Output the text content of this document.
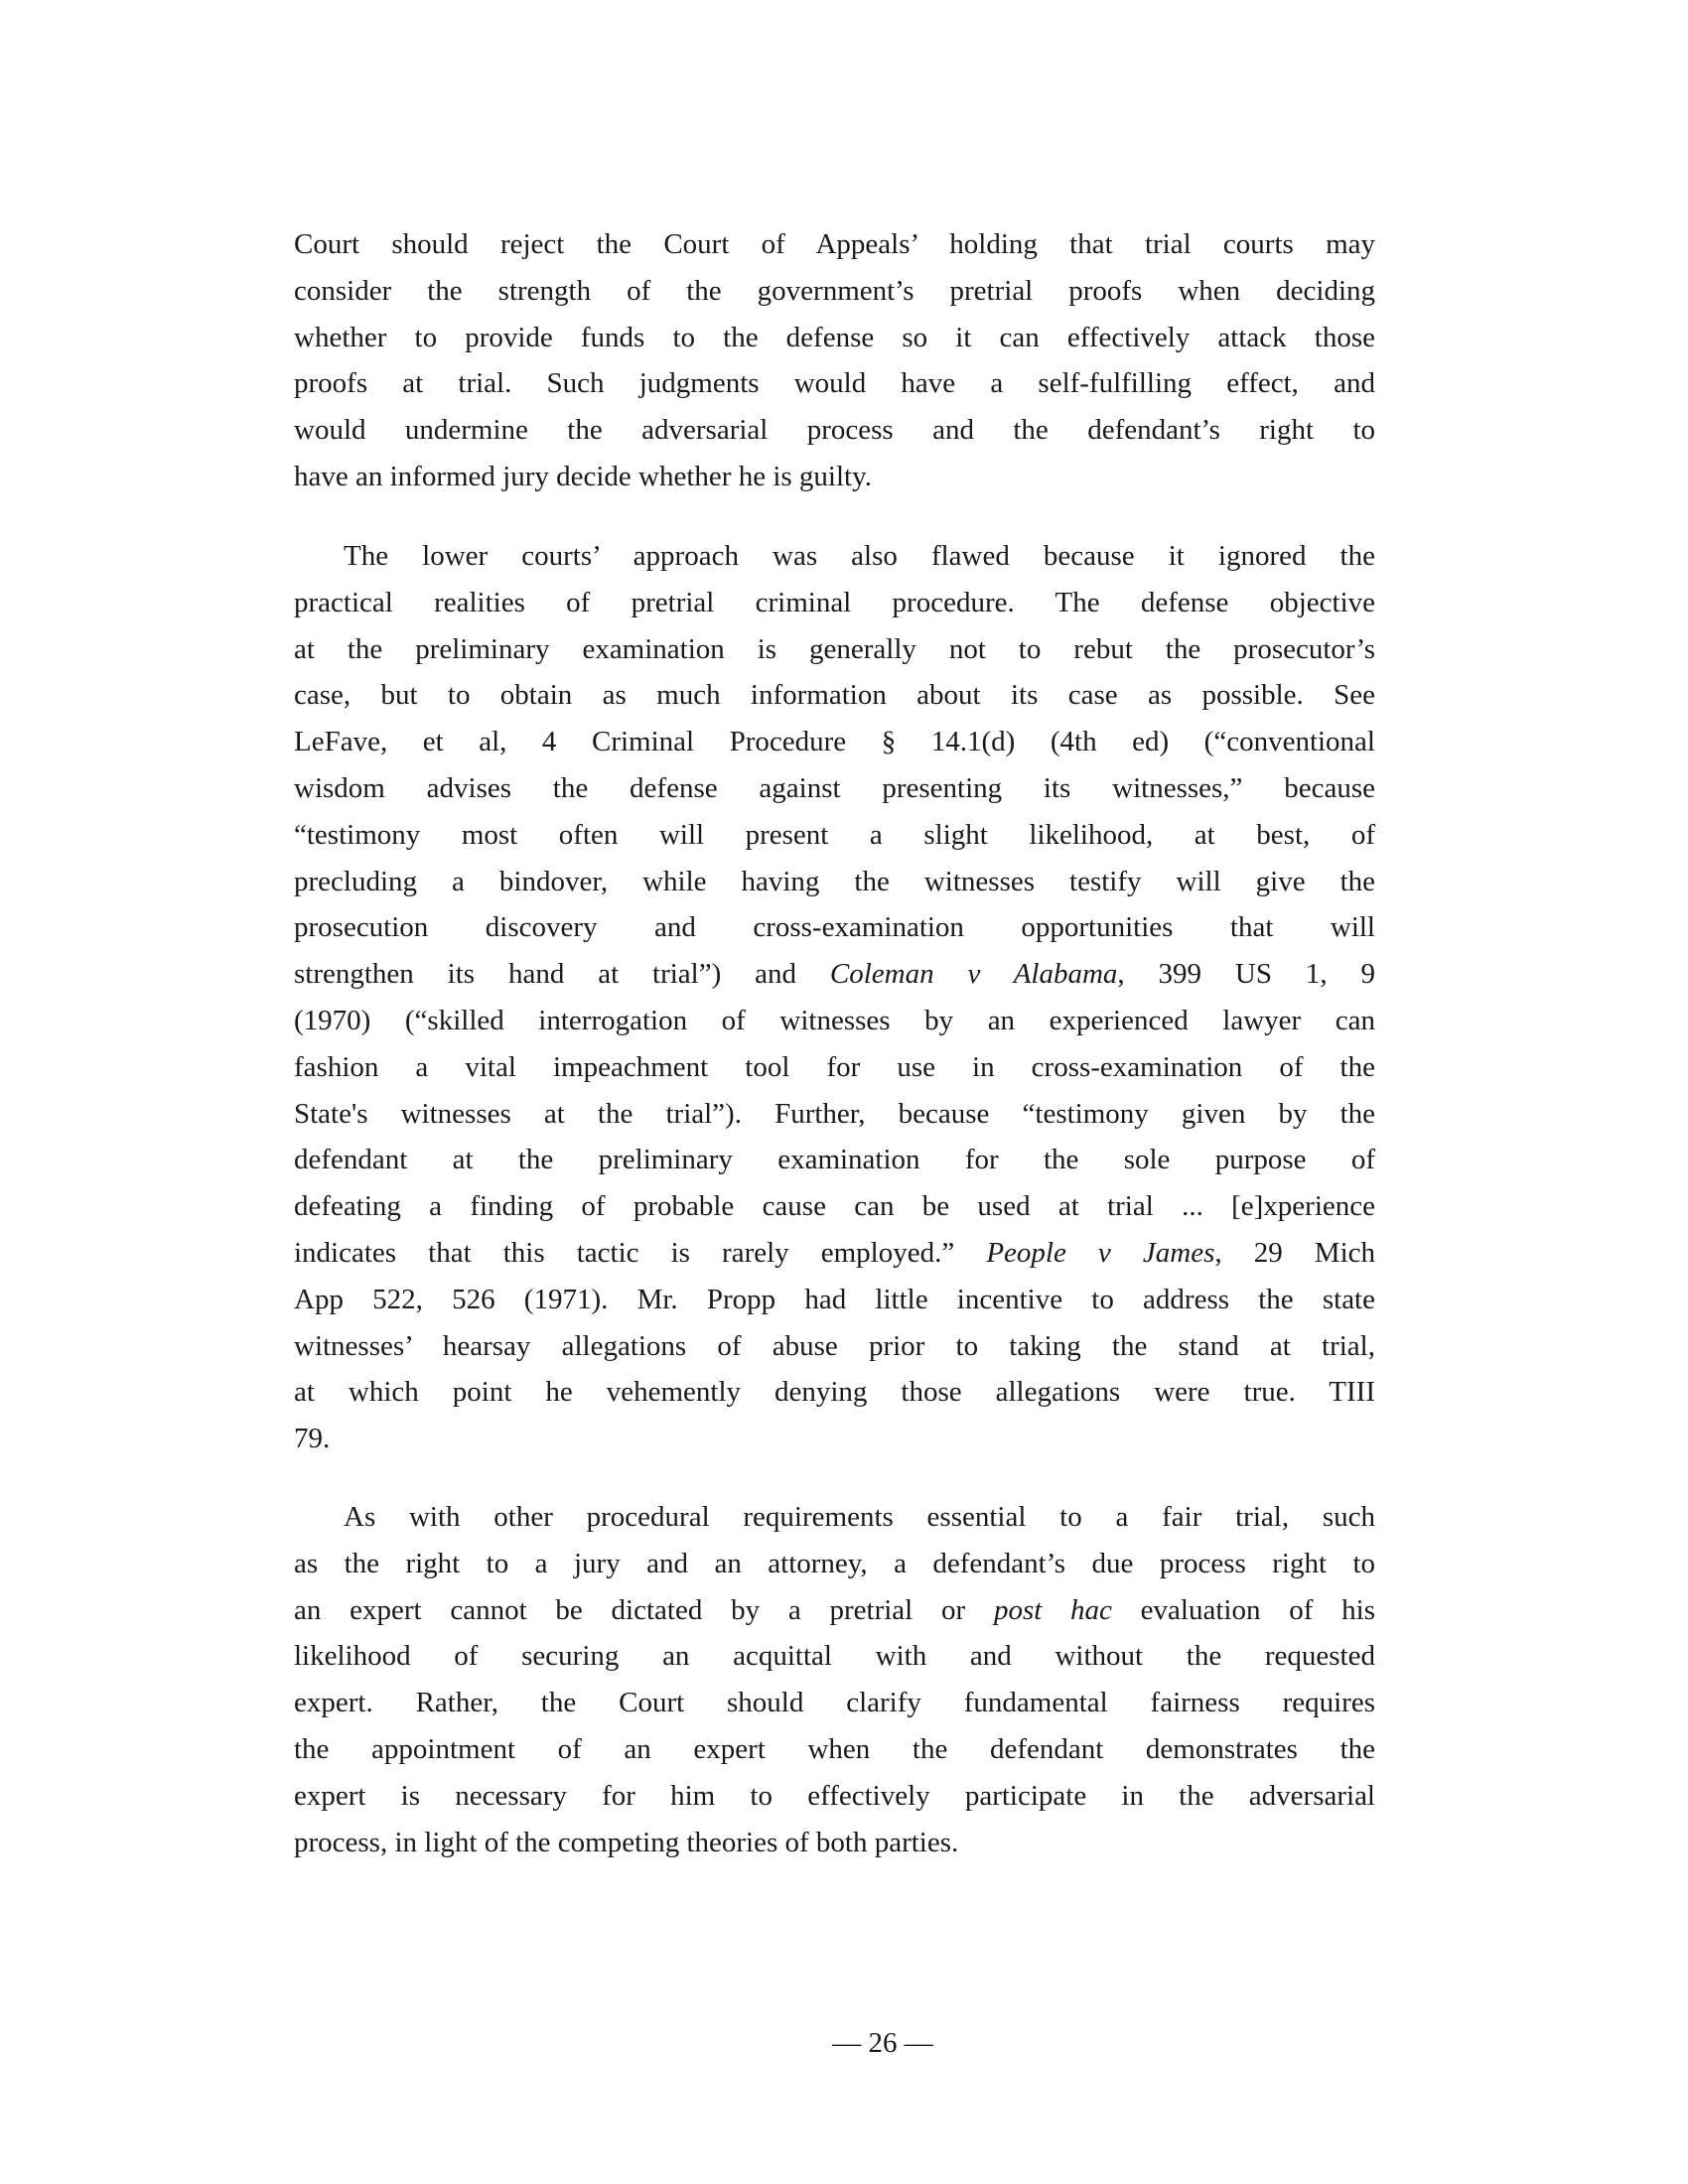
Court should reject the Court of Appeals’ holding that trial courts may
consider the strength of the government’s pretrial proofs when deciding
whether to provide funds to the defense so it can effectively attack those
proofs at trial. Such judgments would have a self-fulfilling effect, and
would undermine the adversarial process and the defendant’s right to
have an informed jury decide whether he is guilty.
The lower courts’ approach was also flawed because it ignored the
practical realities of pretrial criminal procedure. The defense objective
at the preliminary examination is generally not to rebut the prosecutor’s
case, but to obtain as much information about its case as possible. See
LeFave, et al, 4 Criminal Procedure § 14.1(d) (4th ed) (“conventional
wisdom advises the defense against presenting its witnesses,” because
“testimony most often will present a slight likelihood, at best, of
precluding a bindover, while having the witnesses testify will give the
prosecution discovery and cross-examination opportunities that will
strengthen its hand at trial”) and Coleman v Alabama, 399 US 1, 9
(1970) (“skilled interrogation of witnesses by an experienced lawyer can
fashion a vital impeachment tool for use in cross-examination of the
State's witnesses at the trial”). Further, because “testimony given by the
defendant at the preliminary examination for the sole purpose of
defeating a finding of probable cause can be used at trial ... [e]xperience
indicates that this tactic is rarely employed.” People v James, 29 Mich
App 522, 526 (1971). Mr. Propp had little incentive to address the state
witnesses’ hearsay allegations of abuse prior to taking the stand at trial,
at which point he vehemently denying those allegations were true. TIII
79.
As with other procedural requirements essential to a fair trial, such
as the right to a jury and an attorney, a defendant’s due process right to
an expert cannot be dictated by a pretrial or post hac evaluation of his
likelihood of securing an acquittal with and without the requested
expert. Rather, the Court should clarify fundamental fairness requires
the appointment of an expert when the defendant demonstrates the
expert is necessary for him to effectively participate in the adversarial
process, in light of the competing theories of both parties.
— 26 —
